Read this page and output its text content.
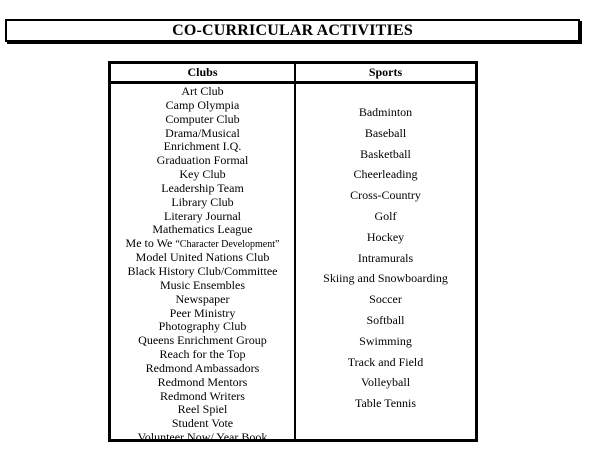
CO-CURRICULAR ACTIVITIES
Clubs	Sports
Art Club
Camp Olympia
Computer Club
Drama/Musical
Enrichment I.Q.
Graduation Formal
Key Club
Leadership Team
Library Club
Literary Journal
Mathematics League
Me to We “Character Development”
Model United Nations Club
Black History Club/Committee
Music Ensembles
Newspaper
Peer Ministry
Photography Club
Queens Enrichment Group
Reach for the Top
Redmond Ambassadors
Redmond Mentors
Redmond Writers
Reel Spiel
Student Vote
Volunteer Now/ Year Book
Badminton
Baseball
Basketball
Cheerleading
Cross-Country
Golf
Hockey
Intramurals
Skiing and Snowboarding
Soccer
Softball
Swimming
Track and Field
Volleyball
Table Tennis
